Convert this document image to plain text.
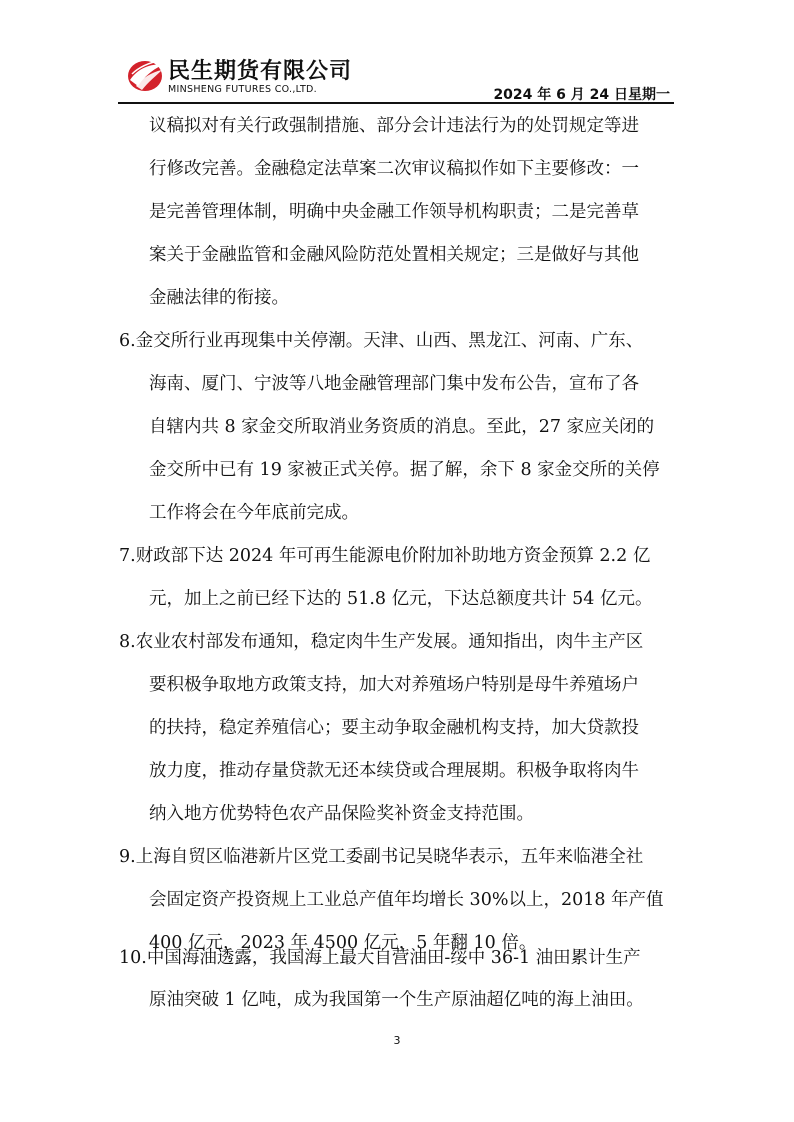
民生期货有限公司
MINSHENG FUTURES CO.,LTD.	2024 年 6 月 24 日星期一
议稿拟对有关行政强制措施、部分会计违法行为的处罚规定等进
行修改完善。金融稳定法草案二次审议稿拟作如下主要修改：一
是完善管理体制，明确中央金融工作领导机构职责；二是完善草
案关于金融监管和金融风险防范处置相关规定；三是做好与其他
金融法律的衔接。
6.金交所行业再现集中关停潮。天津、山西、黑龙江、河南、广东、
海南、厦门、宁波等八地金融管理部门集中发布公告，宣布了各
自辖内共 8 家金交所取消业务资质的消息。至此，27 家应关闭的
金交所中已有 19 家被正式关停。据了解，余下 8 家金交所的关停
工作将会在今年底前完成。
7.财政部下达 2024 年可再生能源电价附加补助地方资金预算 2.2 亿
元，加上之前已经下达的 51.8 亿元，下达总额度共计 54 亿元。
8.农业农村部发布通知，稳定肉牛生产发展。通知指出，肉牛主产区
要积极争取地方政策支持，加大对养殖场户特别是母牛养殖场户
的扶持，稳定养殖信心；要主动争取金融机构支持，加大贷款投
放力度，推动存量贷款无还本续贷或合理展期。积极争取将肉牛
纳入地方优势特色农产品保险奖补资金支持范围。
9.上海自贸区临港新片区党工委副书记吴晓华表示，五年来临港全社
会固定资产投资规上工业总产值年均增长 30%以上，2018 年产值
400 亿元，2023 年 4500 亿元，5 年翻 10 倍。
10.中国海油透露，我国海上最大自营油田-绥中 36-1 油田累计生产
原油突破 1 亿吨，成为我国第一个生产原油超亿吨的海上油田。
3
